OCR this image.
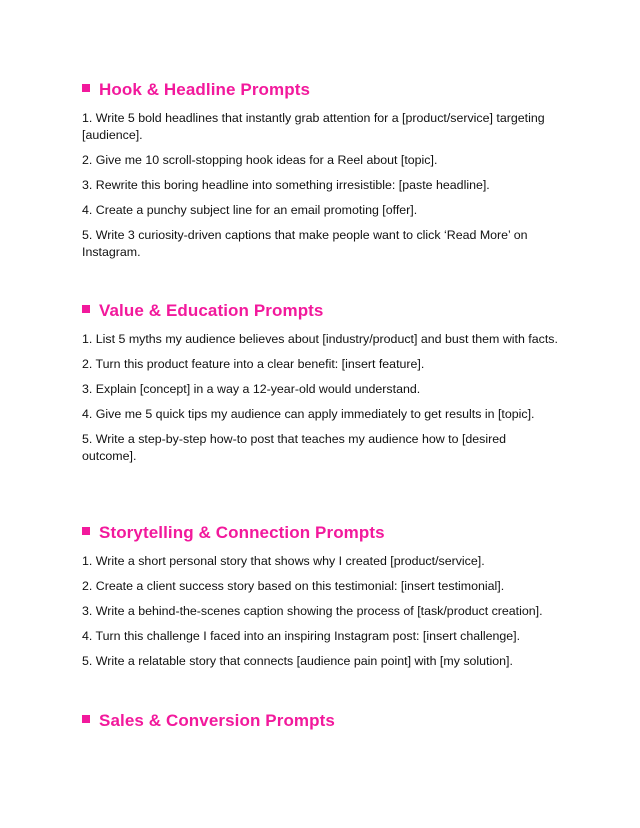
Hook & Headline Prompts

1. Write 5 bold headlines that instantly grab attention for a [product/service] targeting [audience].

2. Give me 10 scroll-stopping hook ideas for a Reel about [topic].

3. Rewrite this boring headline into something irresistible: [paste headline].

4. Create a punchy subject line for an email promoting [offer].

5. Write 3 curiosity-driven captions that make people want to click ‘Read More’ on Instagram.

Value & Education Prompts

1. List 5 myths my audience believes about [industry/product] and bust them with facts.

2. Turn this product feature into a clear benefit: [insert feature].

3. Explain [concept] in a way a 12-year-old would understand.

4. Give me 5 quick tips my audience can apply immediately to get results in [topic].

5. Write a step-by-step how-to post that teaches my audience how to [desired outcome].

Storytelling & Connection Prompts

1. Write a short personal story that shows why I created [product/service].

2. Create a client success story based on this testimonial: [insert testimonial].

3. Write a behind-the-scenes caption showing the process of [task/product creation].

4. Turn this challenge I faced into an inspiring Instagram post: [insert challenge].

5. Write a relatable story that connects [audience pain point] with [my solution].

Sales & Conversion Prompts
